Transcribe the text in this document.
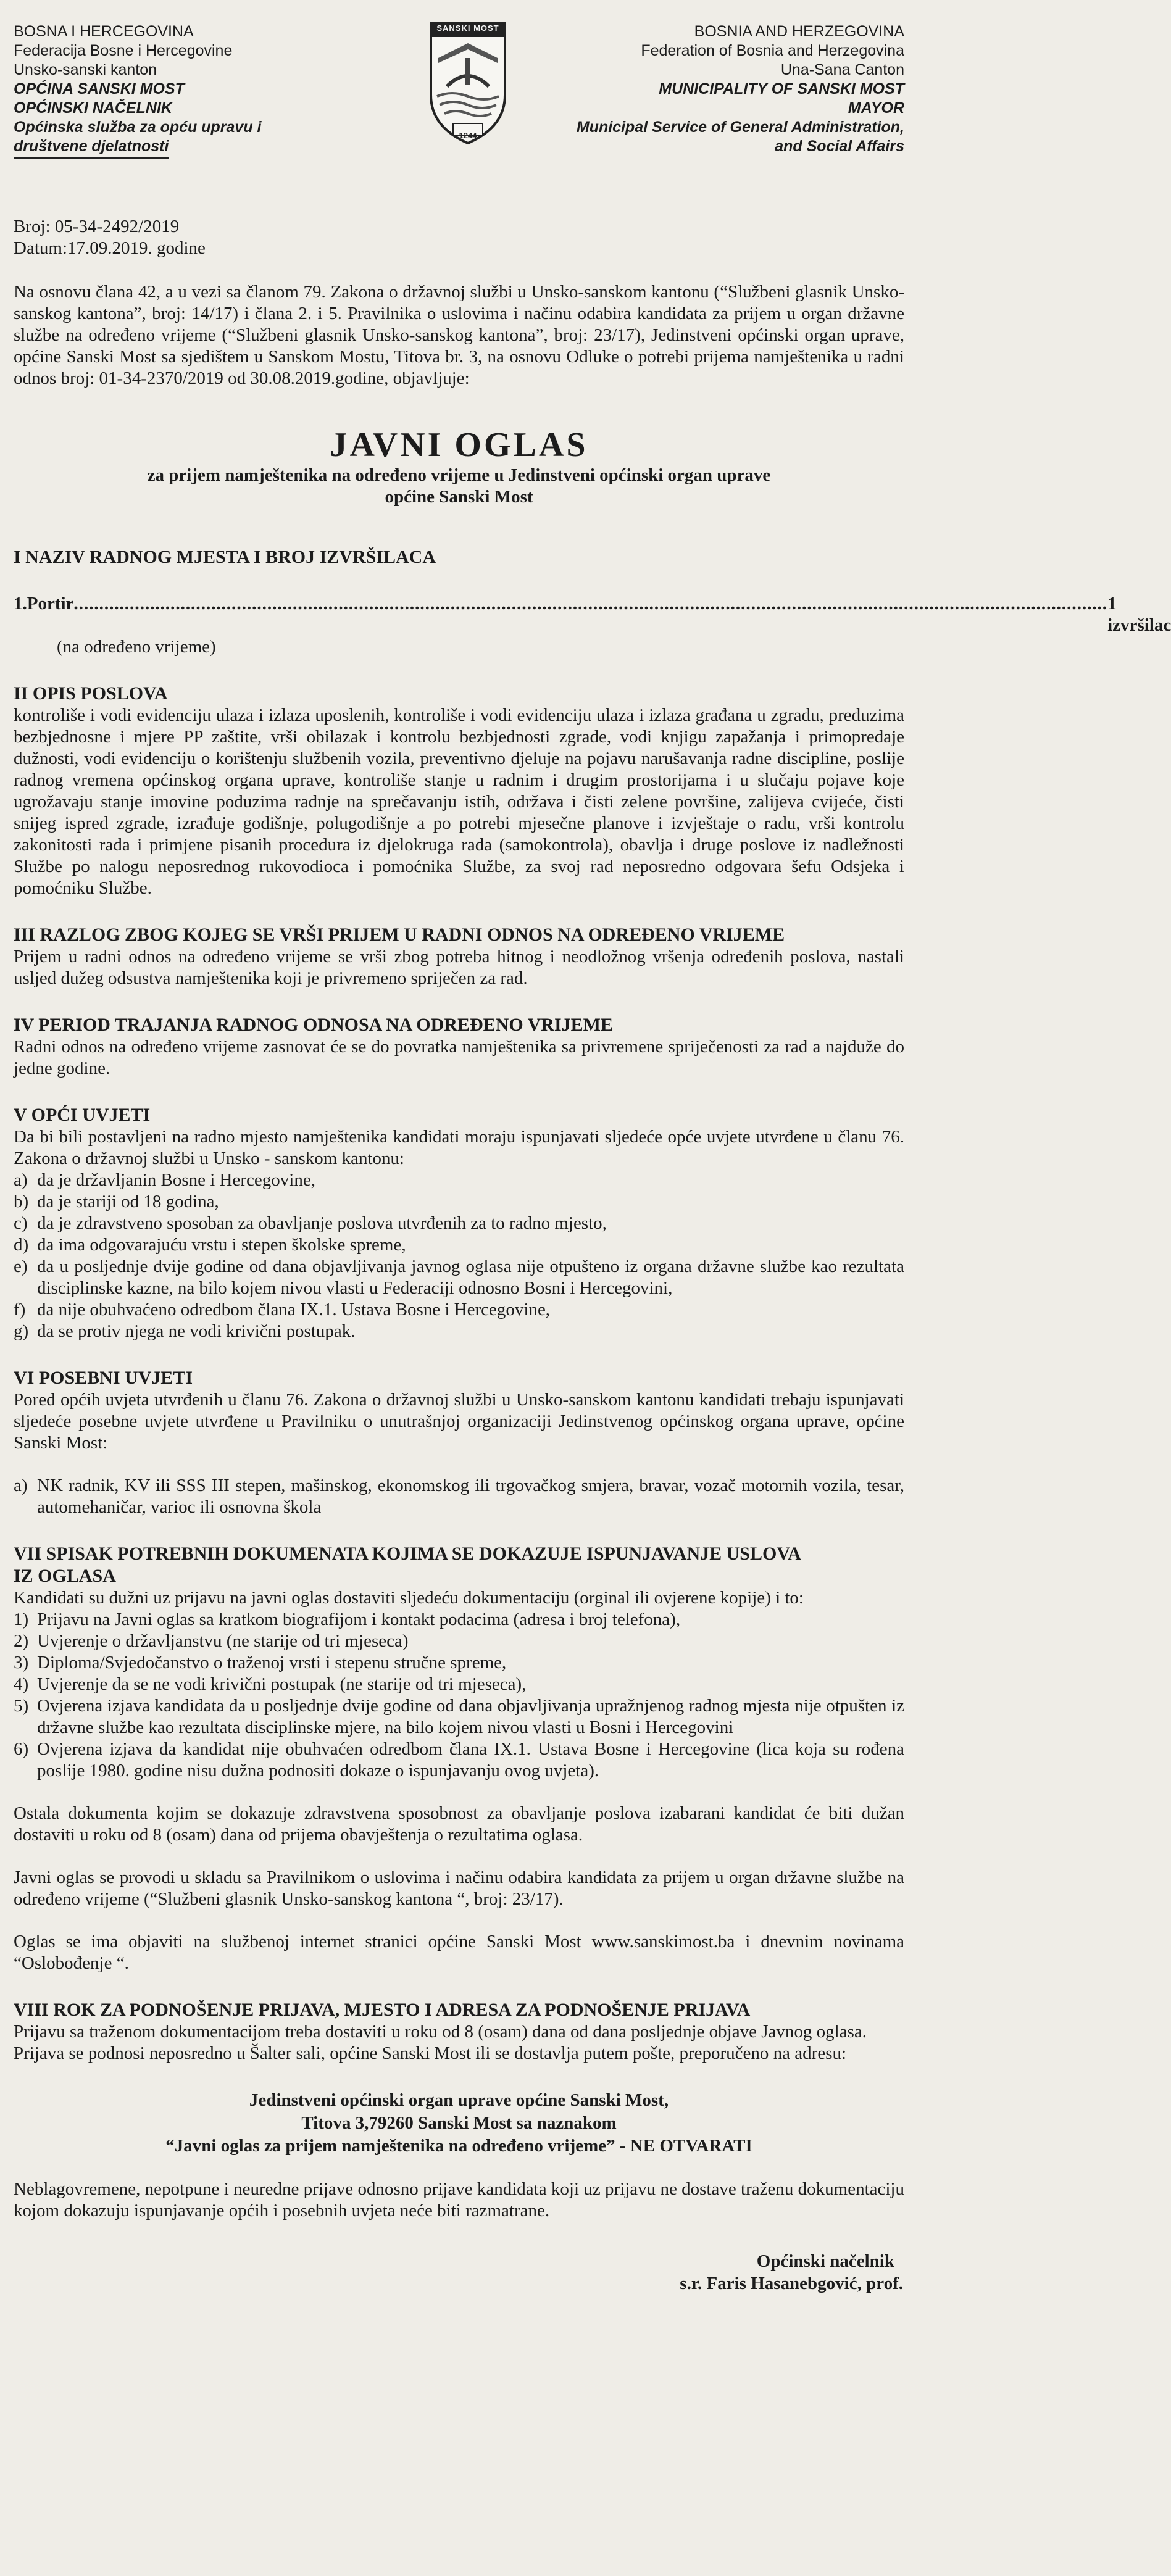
BOSNA I HERCEGOVINA
Federacija Bosne i Hercegovine
Unsko-sanski kanton
OPĆINA SANSKI MOST
OPĆINSKI NAČELNIK
Općinska služba za opću upravu i
društvene djelatnosti
SANSKI MOST
1244
BOSNIA AND HERZEGOVINA
Federation of Bosnia and Herzegovina
Una-Sana Canton
MUNICIPALITY OF SANSKI MOST
MAYOR
Municipal Service of General Administration,
and Social Affairs
Broj: 05-34-2492/2019
Datum:17.09.2019. godine

Na osnovu člana 42, a u vezi sa članom 79. Zakona o državnoj službi u Unsko-sanskom kantonu (“Službeni glasnik Unsko-sanskog kantona”, broj: 14/17) i člana 2. i 5. Pravilnika o uslovima i načinu odabira kandidata za prijem u organ državne službe na određeno vrijeme (“Službeni glasnik Unsko-sanskog kantona”, broj: 23/17), Jedinstveni općinski organ uprave, općine Sanski Most sa sjedištem u Sanskom Mostu, Titova br. 3, na osnovu Odluke o potrebi prijema namještenika u radni odnos broj: 01-34-2370/2019 od 30.08.2019.godine, objavljuje:

JAVNI OGLAS
za prijem namještenika na određeno vrijeme u Jedinstveni općinski organ uprave
općine Sanski Most
I NAZIV RADNOG MJESTA I BROJ IZVRŠILACA
1. Portir ........................................................................................................................................................................................................... 1 izvršilac
(na određeno vrijeme)
II OPIS POSLOVA

kontroliše i vodi evidenciju ulaza i izlaza uposlenih, kontroliše i vodi evidenciju ulaza i izlaza građana u zgradu, preduzima bezbjednosne i mjere PP zaštite, vrši obilazak i kontrolu bezbjednosti zgrade, vodi knjigu zapažanja i primopredaje dužnosti, vodi evidenciju o korištenju službenih vozila, preventivno djeluje na pojavu narušavanja radne discipline, poslije radnog vremena općinskog organa uprave, kontroliše stanje u radnim i drugim prostorijama i u slučaju pojave koje ugrožavaju stanje imovine poduzima radnje na sprečavanju istih, održava i čisti zelene površine, zalijeva cvijeće, čisti snijeg ispred zgrade, izrađuje godišnje, polugodišnje a po potrebi mjesečne planove i izvještaje o radu, vrši kontrolu zakonitosti rada i primjene pisanih procedura iz djelokruga rada (samokontrola), obavlja i druge poslove iz nadležnosti Službe po nalogu neposrednog rukovodioca i pomoćnika Službe, za svoj rad neposredno odgovara šefu Odsjeka i pomoćniku Službe.

III RAZLOG ZBOG KOJEG SE VRŠI PRIJEM U RADNI ODNOS NA ODREĐENO VRIJEME

Prijem u radni odnos na određeno vrijeme se vrši zbog potreba hitnog i neodložnog vršenja određenih poslova, nastali usljed dužeg odsustva namještenika koji je privremeno spriječen za rad.

IV PERIOD TRAJANJA RADNOG ODNOSA NA ODREĐENO VRIJEME

Radni odnos na određeno vrijeme zasnovat će se do povratka namještenika sa privremene spriječenosti za rad a najduže do jedne godine.

V OPĆI UVJETI

Da bi bili postavljeni na radno mjesto namještenika kandidati moraju ispunjavati sljedeće opće uvjete utvrđene u članu 76. Zakona o državnoj službi u Unsko - sanskom kantonu:

a) da je državljanin Bosne i Hercegovine,
b) da je stariji od 18 godina,
c) da je zdravstveno sposoban za obavljanje poslova utvrđenih za to radno mjesto,
d) da ima odgovarajuću vrstu i stepen školske spreme,
e) da u posljednje dvije godine od dana objavljivanja javnog oglasa nije otpušteno iz organa državne službe kao rezultata disciplinske kazne, na bilo kojem nivou vlasti u Federaciji odnosno Bosni i Hercegovini,
f) da nije obuhvaćeno odredbom člana IX.1. Ustava Bosne i Hercegovine,
g) da se protiv njega ne vodi krivični postupak.
VI POSEBNI UVJETI

Pored općih uvjeta utvrđenih u članu 76. Zakona o državnoj službi u Unsko-sanskom kantonu kandidati trebaju ispunjavati sljedeće posebne uvjete utvrđene u Pravilniku o unutrašnjoj organizaciji Jedinstvenog općinskog organa uprave, općine Sanski Most:

a) NK radnik, KV ili SSS III stepen, mašinskog, ekonomskog ili trgovačkog smjera, bravar, vozač motornih vozila, tesar, automehaničar, varioc ili osnovna škola
VII SPISAK POTREBNIH DOKUMENATA KOJIMA SE DOKAZUJE ISPUNJAVANJE USLOVA
IZ OGLASA

Kandidati su dužni uz prijavu na javni oglas dostaviti sljedeću dokumentaciju (orginal ili ovjerene kopije) i to:

1) Prijavu na Javni oglas sa kratkom biografijom i kontakt podacima (adresa i broj telefona),
2) Uvjerenje o državljanstvu (ne starije od tri mjeseca)
3) Diploma/Svjedočanstvo o traženoj vrsti i stepenu stručne spreme,
4) Uvjerenje da se ne vodi krivični postupak (ne starije od tri mjeseca),
5) Ovjerena izjava kandidata da u posljednje dvije godine od dana objavljivanja upražnjenog radnog mjesta nije otpušten iz državne službe kao rezultata disciplinske mjere, na bilo kojem nivou vlasti u Bosni i Hercegovini
6) Ovjerena izjava da kandidat nije obuhvaćen odredbom člana IX.1. Ustava Bosne i Hercegovine (lica koja su rođena poslije 1980. godine nisu dužna podnositi dokaze o ispunjavanju ovog uvjeta).

Ostala dokumenta kojim se dokazuje zdravstvena sposobnost za obavljanje poslova izabarani kandidat će biti dužan dostaviti u roku od 8 (osam) dana od prijema obavještenja o rezultatima oglasa.

Javni oglas se provodi u skladu sa Pravilnikom o uslovima i načinu odabira kandidata za prijem u organ državne službe na određeno vrijeme (“Službeni glasnik Unsko-sanskog kantona “, broj: 23/17).

Oglas se ima objaviti na službenoj internet stranici općine Sanski Most www.sanskimost.ba i dnevnim novinama “Oslobođenje “.

VIII ROK ZA PODNOŠENJE PRIJAVA, MJESTO I ADRESA ZA PODNOŠENJE PRIJAVA

Prijavu sa traženom dokumentacijom treba dostaviti u roku od 8 (osam) dana od dana posljednje objave Javnog oglasa.

Prijava se podnosi neposredno u Šalter sali, općine Sanski Most ili se dostavlja putem pošte, preporučeno na adresu:

Jedinstveni općinski organ uprave općine Sanski Most,
Titova 3,79260 Sanski Most sa naznakom
“Javni oglas za prijem namještenika na određeno vrijeme” - NE OTVARATI

Neblagovremene, nepotpune i neuredne prijave odnosno prijave kandidata koji uz prijavu ne dostave traženu dokumentaciju kojom dokazuju ispunjavanje općih i posebnih uvjeta neće biti razmatrane.

Općinski načelnik
s.r. Faris Hasanebgović, prof.
